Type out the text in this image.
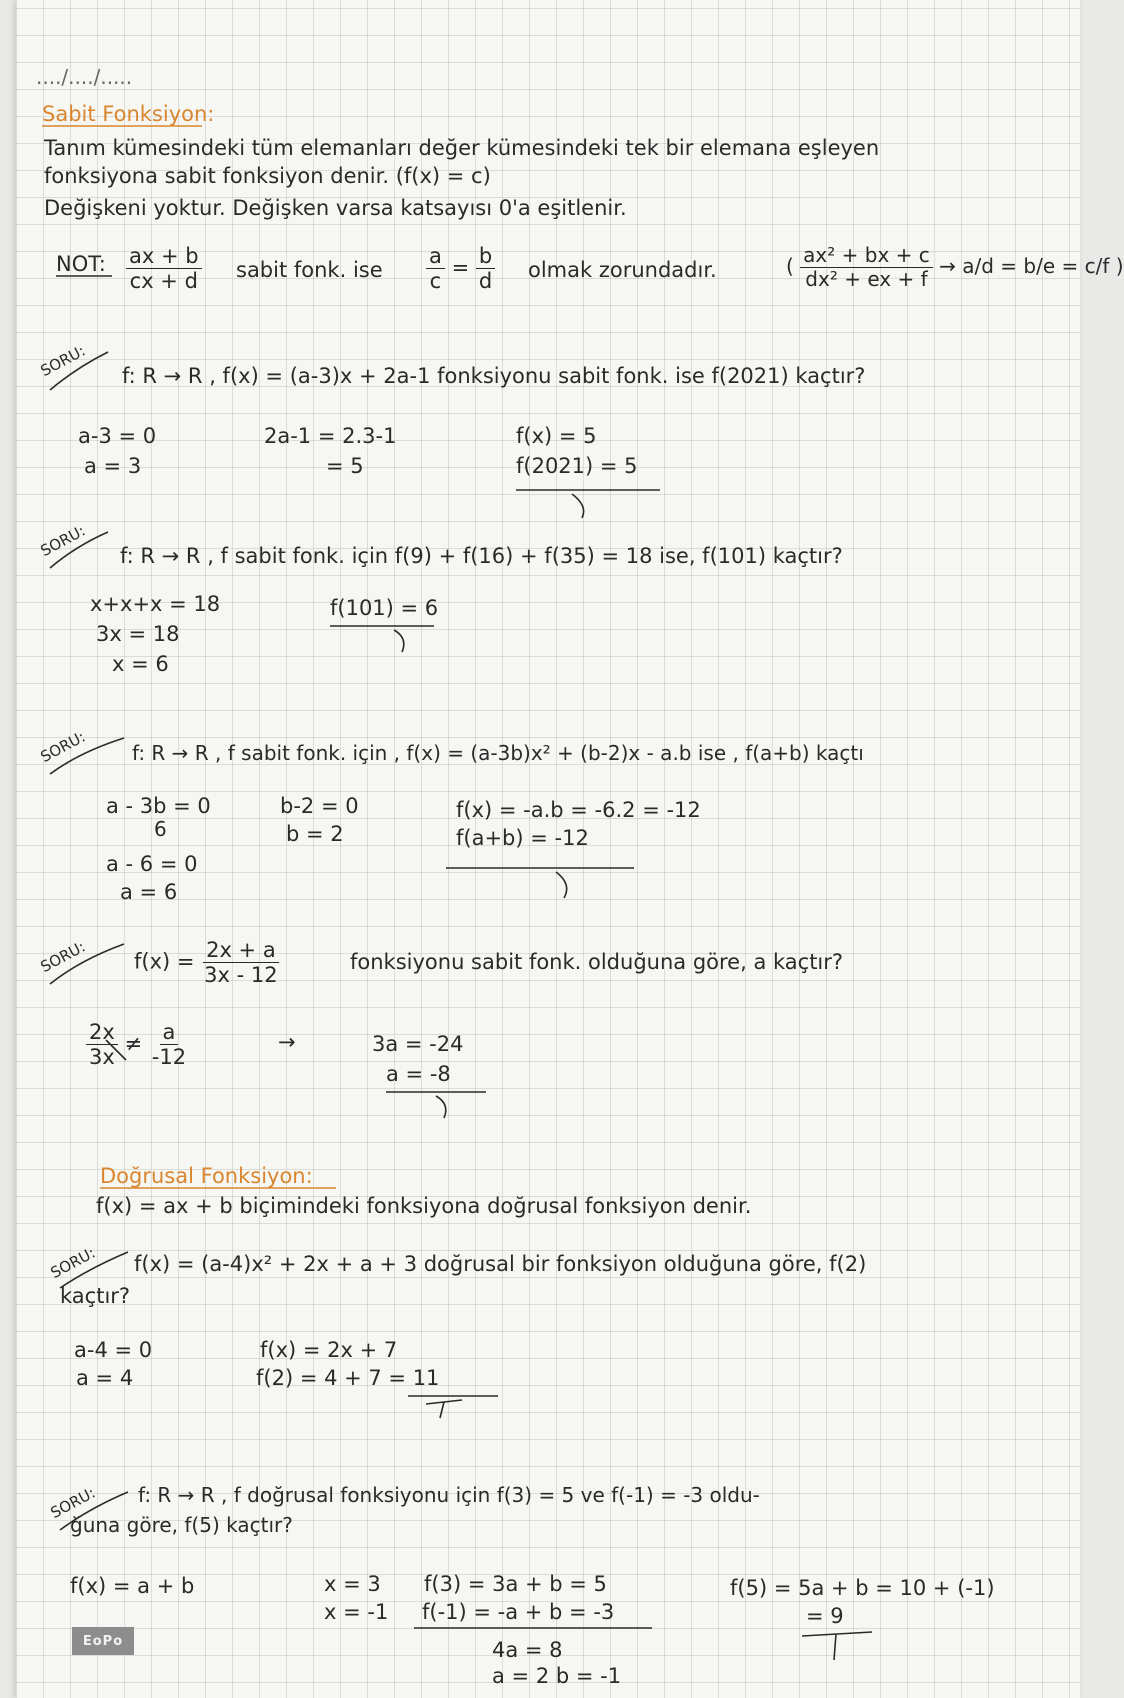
..../..../.....
Sabit Fonksiyon:
Tanım kümesindeki tüm elemanları değer kümesindeki tek bir elemana eşleyen
fonksiyona sabit fonksiyon denir. (f(x) = c)
Değişkeni yoktur. Değişken varsa katsayısı 0'a eşitlenir.
NOT: $\frac{ax + b}{cx + d}$ sabit fonk. ise $\frac{a}{c} = \frac{b}{d}$ olmak zorundadır.	( $\frac{\text{ax² + bx + c}}{\text{dx² + ex + f}} \to a/d = b/e = c/f$ )
SORU: f: R → R , f(x) = (a-3)x + 2a-1 fonksiyonu sabit fonk. ise f(2021) kaçtır?
a-3 = 0
a = 3
2a-1 = 2.3-1
= 5
f(x) = 5
f(2021) = 5
SORU: f: R → R , f sabit fonk. için f(9) + f(16) + f(35) = 18 ise, f(101) kaçtır?
x+x+x = 18
3x = 18
x = 6
f(101) = 6
SORU: f: R → R , f sabit fonk. için , f(x) = (a-3b)x² + (b-2)x - a.b ise , f(a+b) kaçtı
a - 3b = 0
6
a - 6 = 0
a = 6
b-2 = 0
b = 2
f(x) = -a.b = -6.2 = -12
f(a+b) = -12
SORU: $f(x) = \frac{2x + a}{3x - 12}$	fonksiyonu sabit fonk. olduğuna göre, a kaçtır?
$\frac{2x}{3x} \ne \frac{a}{-12}$	→	3a = -24
a = -8
Doğrusal Fonksiyon:
f(x) = ax + b biçimindeki fonksiyona doğrusal fonksiyon denir.
SORU: f(x) = (a-4)x² + 2x + a + 3 doğrusal bir fonksiyon olduğuna göre, f(2)
kaçtır?
a-4 = 0
a = 4
f(x) = 2x + 7
f(2) = 4 + 7 = 11
SORU: f: R → R , f doğrusal fonksiyonu için f(3) = 5 ve f(-1) = -3 oldu-
ğuna göre, f(5) kaçtır?
f(x) = a + b	x = 3
x = -1
f(3) = 3a + b = 5
f(-1) = -a + b = -3
4a = 8
a = 2 b = -1
f(5) = 5a + b = 10 + (-1)
= 9
EoPo
